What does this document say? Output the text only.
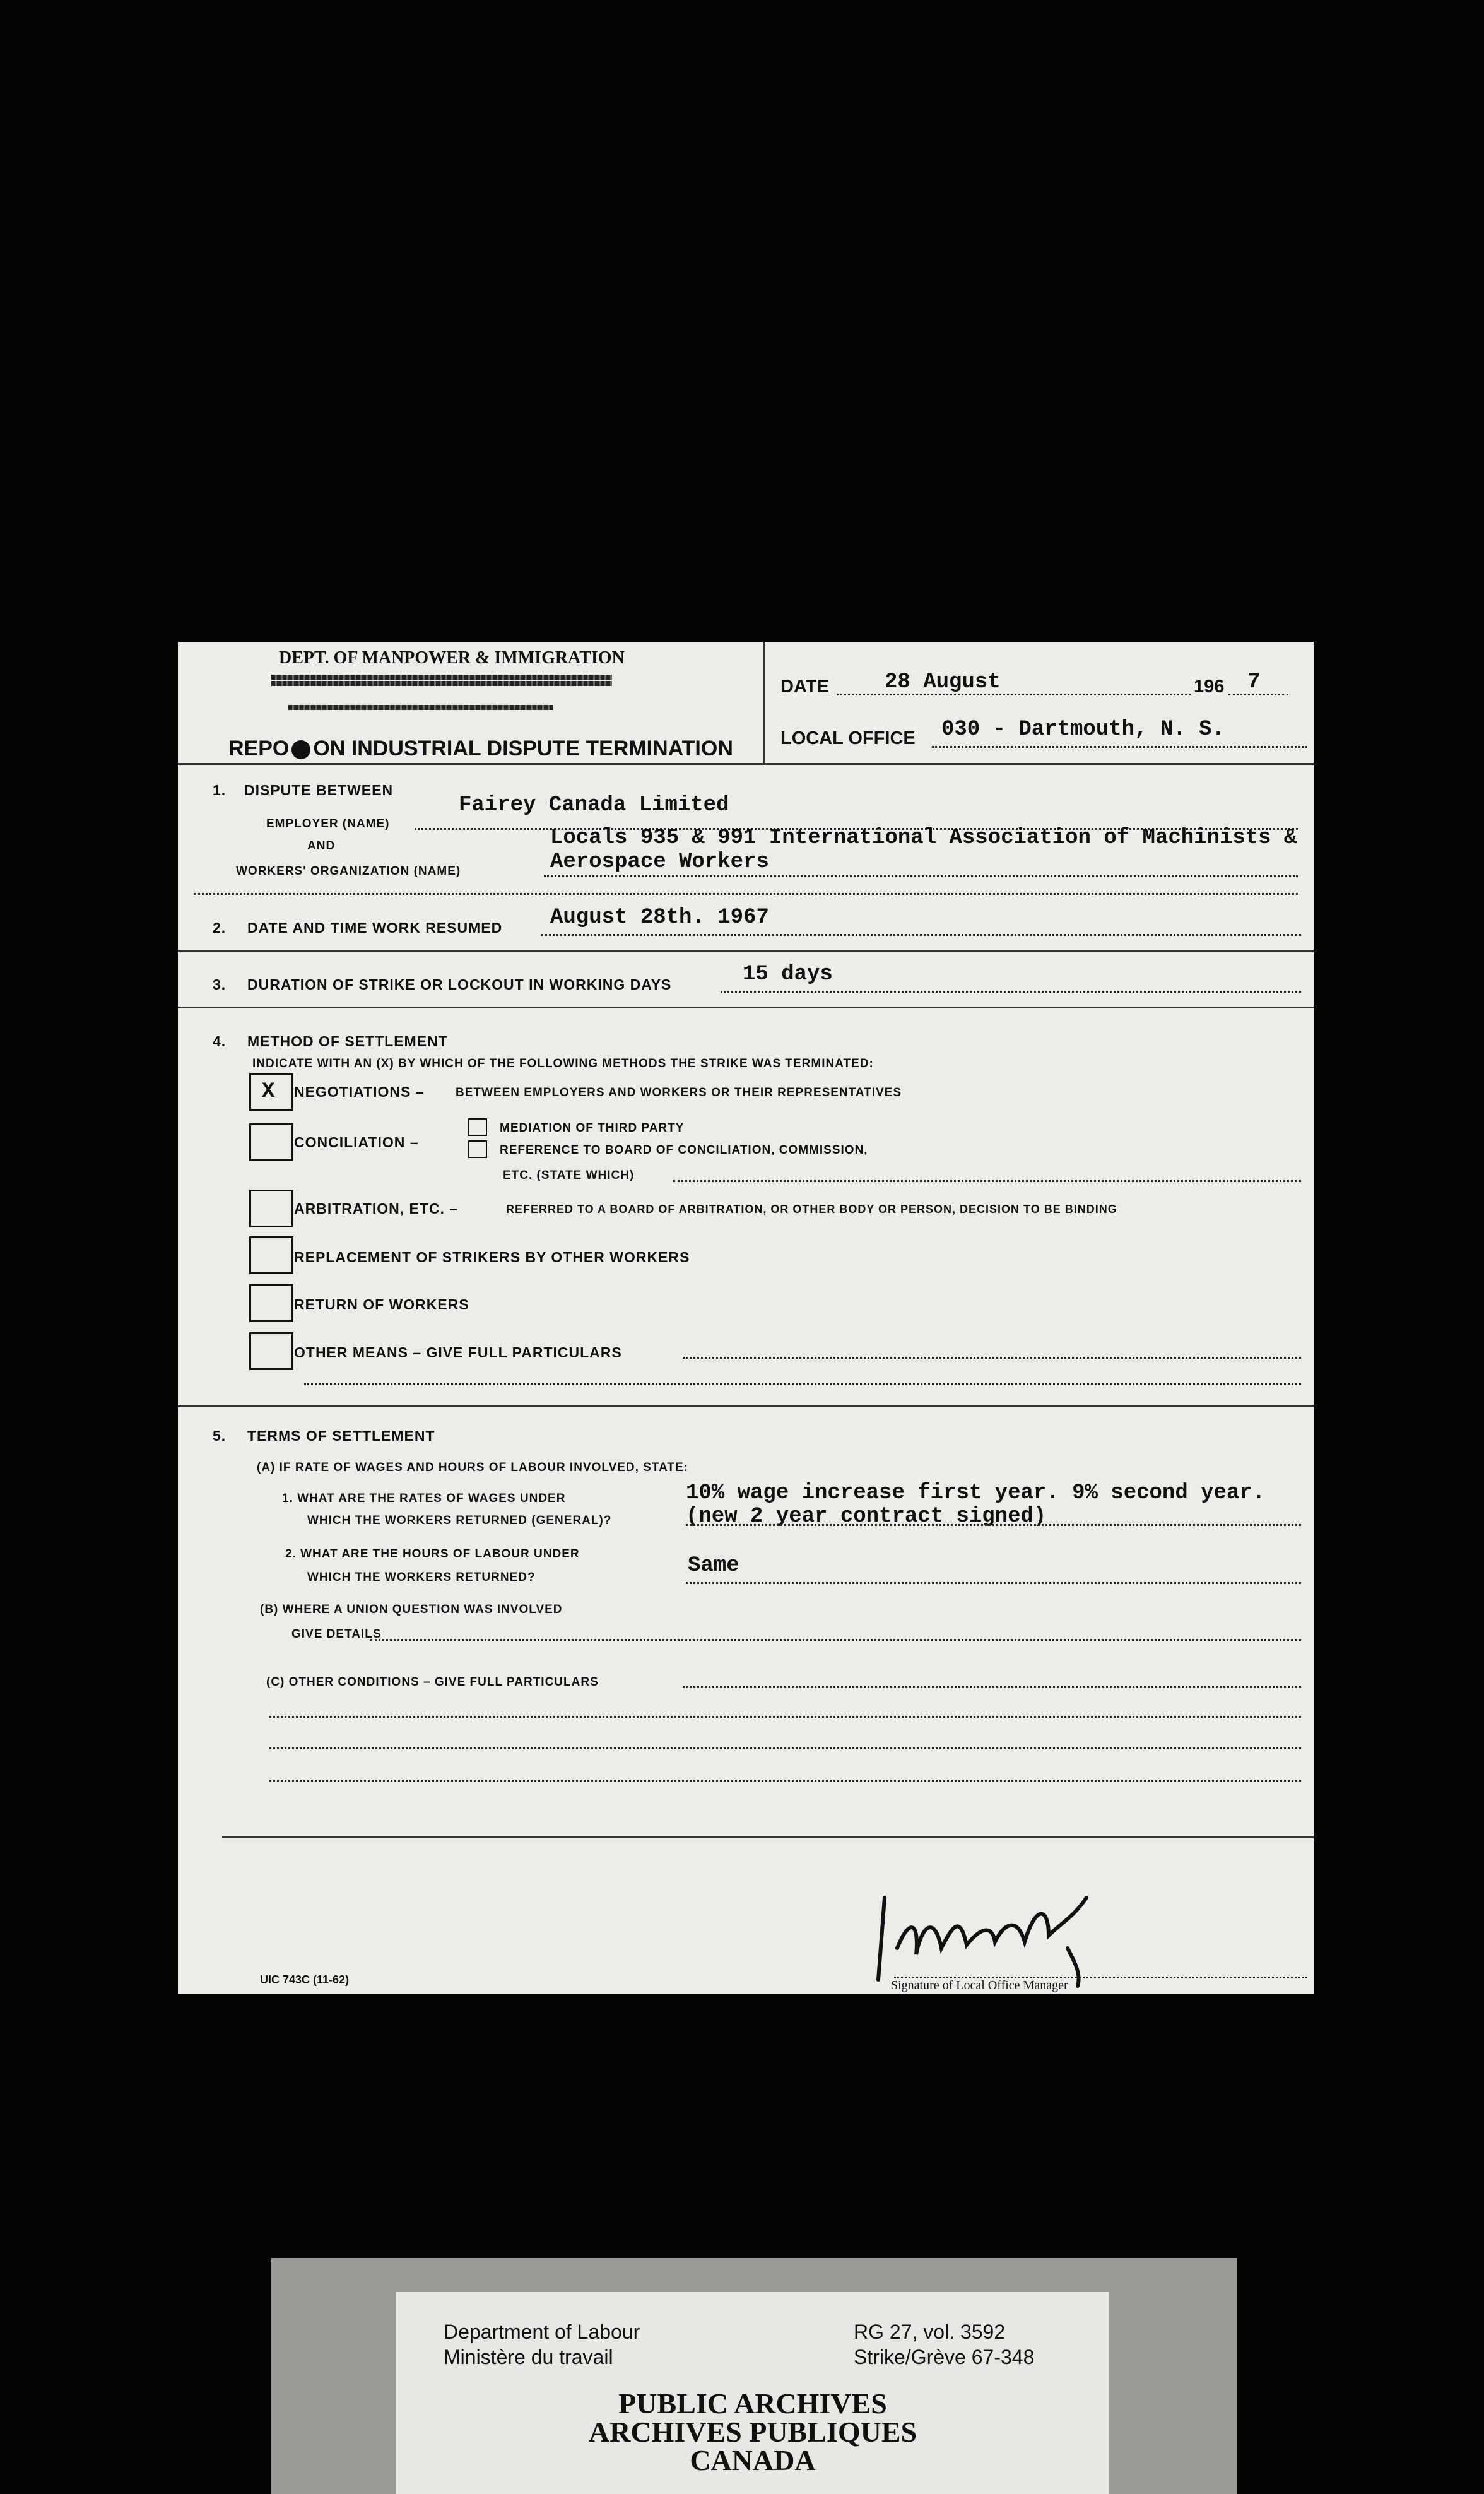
DEPT. OF MANPOWER & IMMIGRATION
REPO ON INDUSTRIAL DISPUTE TERMINATION
DATE	28 August	196 7
LOCAL OFFICE 030 - Dartmouth, N. S.
1. DISPUTE BETWEEN
EMPLOYER (NAME)
Fairey Canada Limited
AND	Locals 935 & 991 International Association of Machinists &
WORKERS' ORGANIZATION (NAME)	Aerospace Workers
2. DATE AND TIME WORK RESUMED August 28th. 1967
3. DURATION OF STRIKE OR LOCKOUT IN WORKING DAYS	15 days
4. METHOD OF SETTLEMENT
INDICATE WITH AN (X) BY WHICH OF THE FOLLOWING METHODS THE STRIKE WAS TERMINATED:
X NEGOTIATIONS –	BETWEEN EMPLOYERS AND WORKERS OR THEIR REPRESENTATIVES
CONCILIATION –
MEDIATION OF THIRD PARTY
REFERENCE TO BOARD OF CONCILIATION, COMMISSION,
ETC. (STATE WHICH)
ARBITRATION, ETC. –	REFERRED TO A BOARD OF ARBITRATION, OR OTHER BODY OR PERSON, DECISION TO BE BINDING
REPLACEMENT OF STRIKERS BY OTHER WORKERS
RETURN OF WORKERS
OTHER MEANS – GIVE FULL PARTICULARS
5. TERMS OF SETTLEMENT
(A) IF RATE OF WAGES AND HOURS OF LABOUR INVOLVED, STATE:
1. WHAT ARE THE RATES OF WAGES UNDER
WHICH THE WORKERS RETURNED (GENERAL)?
10% wage increase first year. 9% second year.
(new 2 year contract signed)
2. WHAT ARE THE HOURS OF LABOUR UNDER
WHICH THE WORKERS RETURNED?	Same
(B) WHERE A UNION QUESTION WAS INVOLVED
GIVE DETAILS
(C) OTHER CONDITIONS – GIVE FULL PARTICULARS
Signature of Local Office Manager
UIC 743C (11-62)
Department of Labour
Ministère du travail
RG 27, vol. 3592
Strike/Grève 67-348
PUBLIC ARCHIVES
ARCHIVES PUBLIQUES
CANADA
